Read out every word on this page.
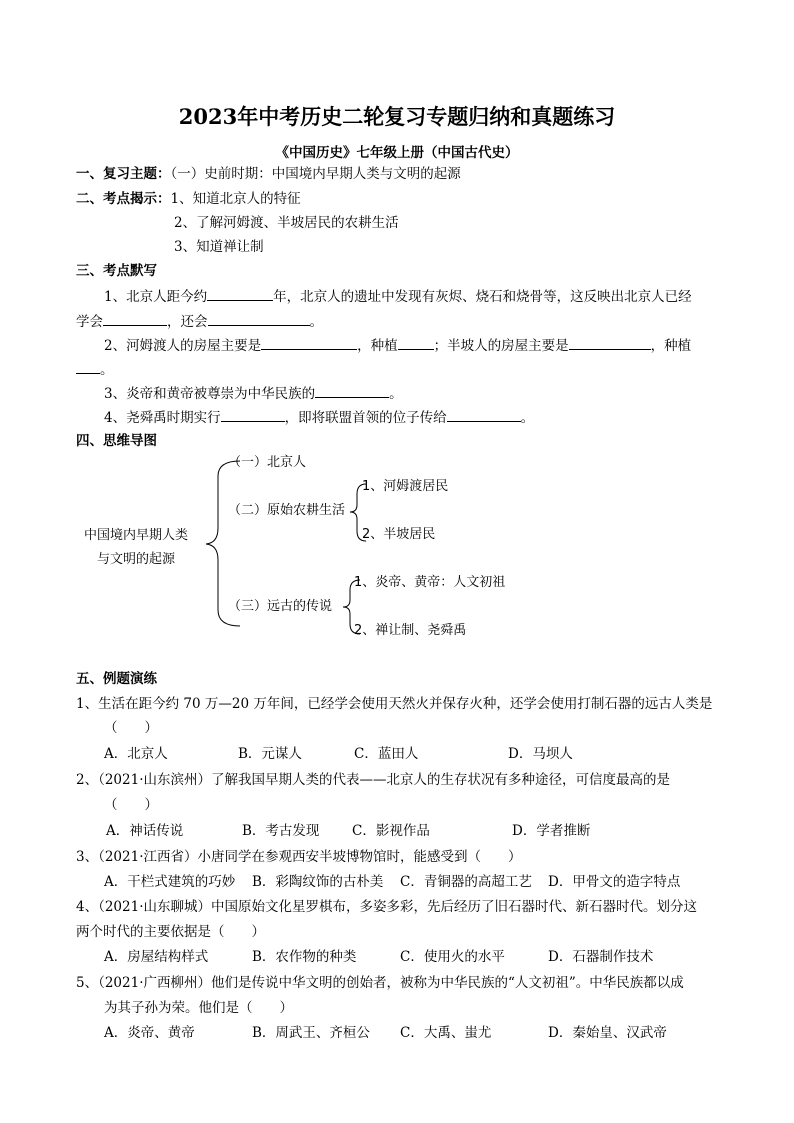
2023年中考历史二轮复习专题归纳和真题练习
《中国历史》七年级上册（中国古代史）
一、复习主题：（一）史前时期：中国境内早期人类与文明的起源
二、考点揭示：1、知道北京人的特征
2、了解河姆渡、半坡居民的农耕生活
3、知道禅让制
三、考点默写
1、北京人距今约	年，北京人的遗址中发现有灰烬、烧石和烧骨等，这反映出北京人已经
学会	，还会	。
2、河姆渡人的房屋主要是	，种植	；半坡人的房屋主要是	，种植
。
3、炎帝和黄帝被尊崇为中华民族的	。
4、尧舜禹时期实行	，即将联盟首领的位子传给	。
四、思维导图
中国境内早期人类
与文明的起源
（一）北京人
（二）原始农耕生活
1、河姆渡居民
2、半坡居民
（三）远古的传说
1、炎帝、黄帝：人文初祖
2、禅让制、尧舜禹
五、例题演练
1、生活在距今约 70 万—20 万年间，已经学会使用天然火并保存火种，还学会使用打制石器的远古人类是
（　　）
A．北京人	B．元谋人	C．蓝田人	D．马坝人
2、（2021·山东滨州）了解我国早期人类的代表——北京人的生存状况有多种途径，可信度最高的是
（　　）
A．神话传说	B．考古发现 C．影视作品	D．学者推断
3、（2021·江西省）小唐同学在参观西安半坡博物馆时，能感受到（　　）
A．干栏式建筑的巧妙 B．彩陶纹饰的古朴美 C．青铜器的高超工艺 D．甲骨文的造字特点
4、（2021·山东聊城）中国原始文化星罗棋布，多姿多彩，先后经历了旧石器时代、新石器时代。划分这
两个时代的主要依据是（　　）
A．房屋结构样式	B．农作物的种类	C．使用火的水平	D．石器制作技术
5、（2021·广西柳州）他们是传说中华文明的创始者，被称为中华民族的“人文初祖”。中华民族都以成
为其子孙为荣。他们是（　　）
A．炎帝、黄帝	B．周武王、齐桓公 C．大禹、蚩尤	D．秦始皇、汉武帝
